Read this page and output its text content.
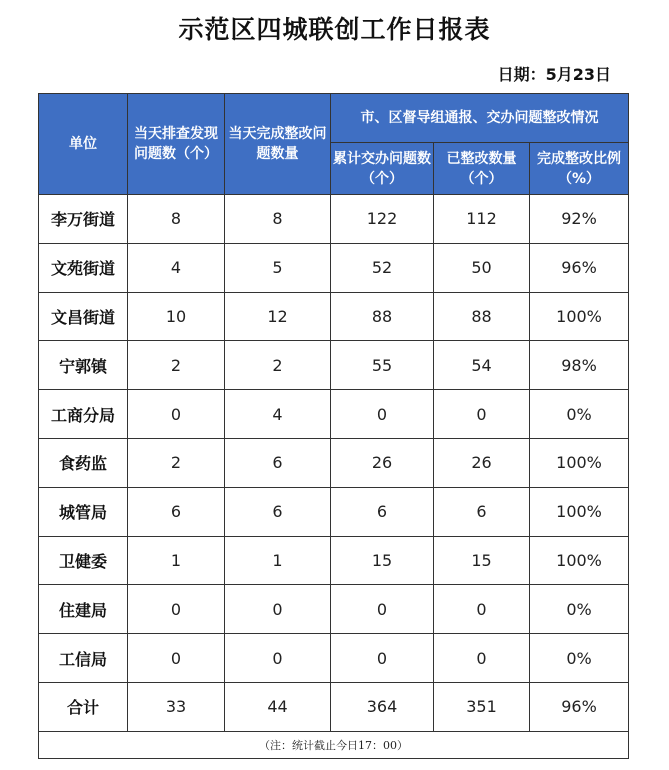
示范区四城联创工作日报表
日期：5月23日
单位	当天排查发现问题数（个）	当天完成整改问题数量	市、区督导组通报、交办问题整改情况		
			累计交办问题数（个）	已整改数量（个）	完成整改比例（%）
李万街道	8	8	122	112	92%
文苑街道	4	5	52	50	96%
文昌街道	10	12	88	88	100%
宁郭镇	2	2	55	54	98%
工商分局	0	4	0	0	0%
食药监	2	6	26	26	100%
城管局	6	6	6	6	100%
卫健委	1	1	15	15	100%
住建局	0	0	0	0	0%
工信局	0	0	0	0	0%
合计	33	44	364	351	96%
（注：统计截止今日17：00）					
